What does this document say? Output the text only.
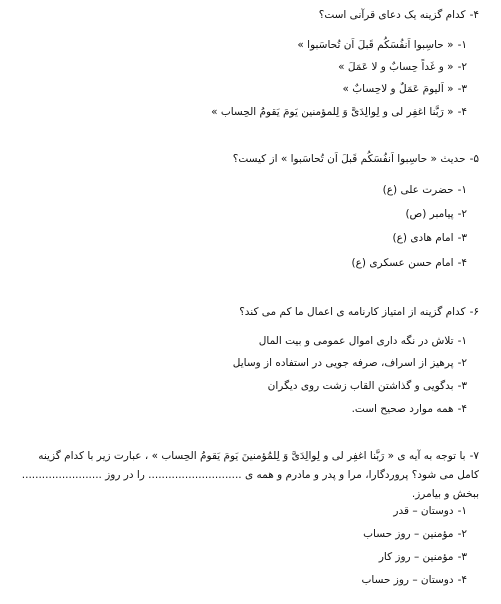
۴-کدام گزینه یک دعای قرآنی است؟
۱-« حاسِبوا اَنفُسَکُم قَبلَ اَن تُحاسَبوا »
۲-« و غَداً حِسابٌ و لا عَمَلَ »
۳-« اَلیومَ عَمَلٌ و لاحِسابٌ »
۴-« رَبَّنا اغفِر لی و لِوالِدَیَّ وَ لِلمؤمنین یَومَ یَقومُ الحِساب »
۵-حدیث « حاسِبوا اَنفُسَکُم قَبلَ اَن تُحاسَبوا » از کیست؟
۱-حضرت علی (ع)
۲-پیامبر (ص)
۳-امام هادی (ع)
۴-امام حسن عسکری (ع)
۶-کدام گزینه از امتیاز کارنامه ی اعمال ما کم می کند؟
۱-تلاش در نگه داری اموال عمومی و بیت المال
۲-پرهیز از اسراف، صرفه جویی در استفاده از وسایل
۳-بدگویی و گذاشتن القاب زشت روی دیگران
۴-همه موارد صحیح است.
۷-با توجه به آیه ی « رَبَّنا اغفِر لی و لِوالِدَیَّ وَ لِلمُؤمنینَ یَومَ یَقومُ الحِساب » ، عبارت زیر با کدام گزینه کامل می شود؟ پروردگارا، مرا و پدر و مادرم و همه ی ............................ را در روز ........................ ببخش و بیامرز.
۱-دوستان – قدر
۲-مؤمنین – روز حساب
۳-مؤمنین – روز کار
۴-دوستان – روز حساب
